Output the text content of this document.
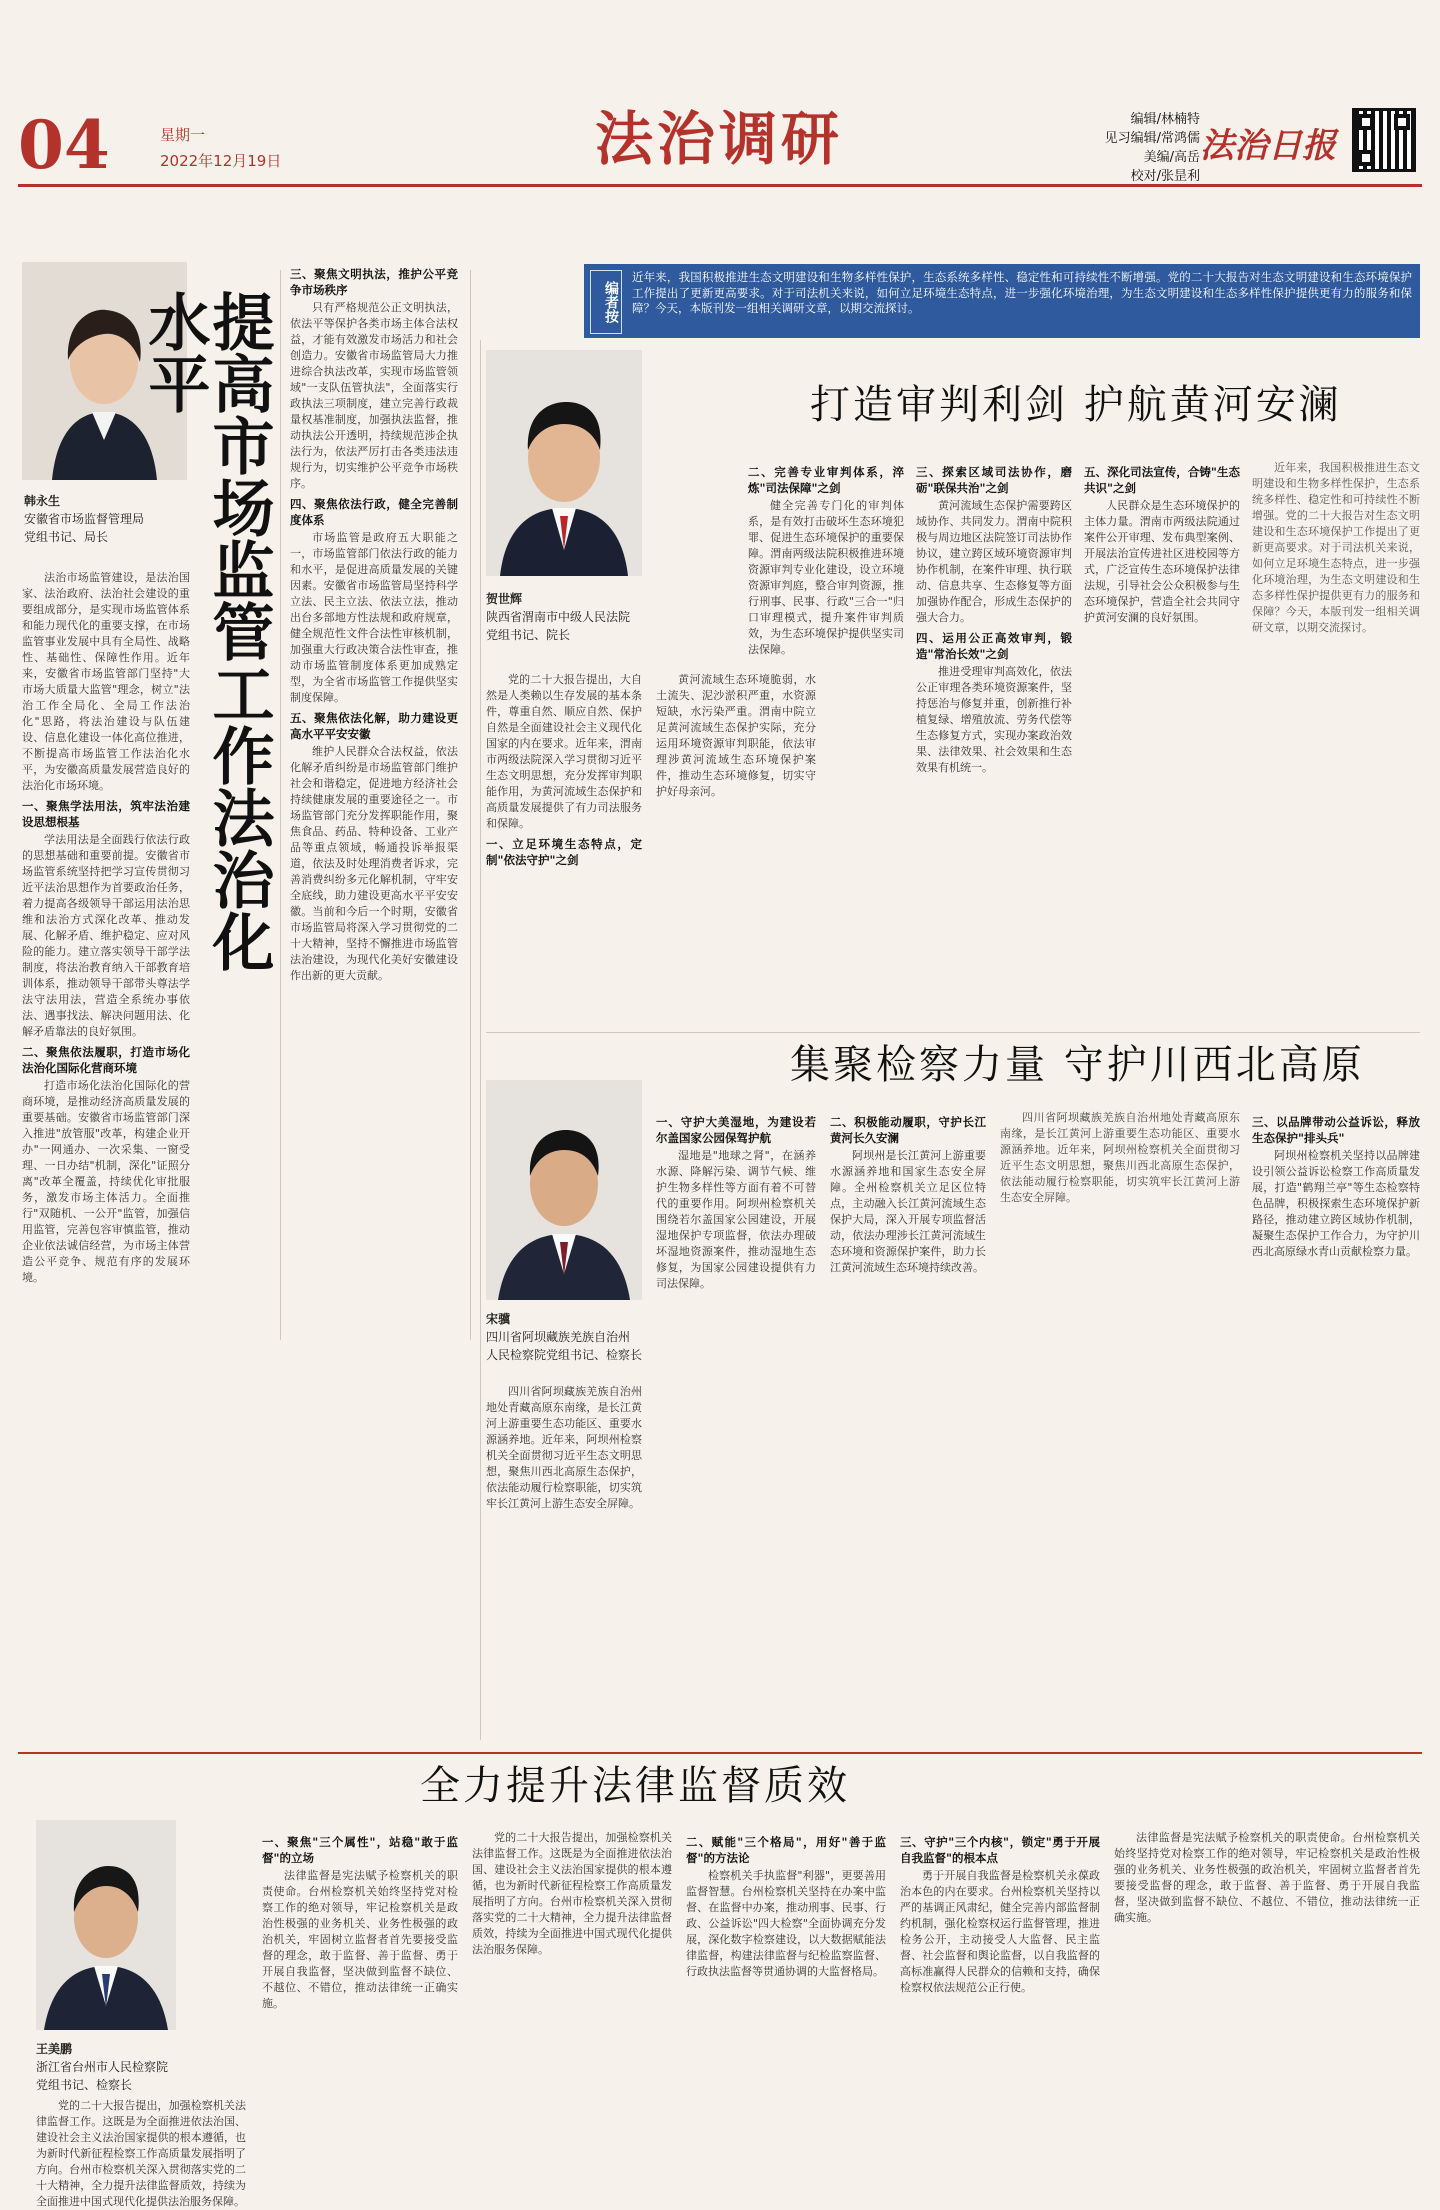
04	星期一
2022年12月19日	法治调研	编辑/林楠特
见习编辑/常鸿儒
美编/高岳
校对/张昰利
法治日报
韩永生
安徽省市场监督管理局
党组书记、局长	提高市场监管工作法治化水平

法治市场监管建设，是法治国家、法治政府、法治社会建设的重要组成部分，是实现市场监管体系和能力现代化的重要支撑，在市场监管事业发展中具有全局性、战略性、基础性、保障性作用。近年来，安徽省市场监管部门坚持"大市场大质量大监管"理念，树立"法治工作全局化、全局工作法治化"思路，将法治建设与队伍建设、信息化建设一体化高位推进，不断提高市场监管工作法治化水平，为安徽高质量发展营造良好的法治化市场环境。

一、聚焦学法用法，筑牢法治建设思想根基

学法用法是全面践行依法行政的思想基础和重要前提。安徽省市场监管系统坚持把学习宣传贯彻习近平法治思想作为首要政治任务，着力提高各级领导干部运用法治思维和法治方式深化改革、推动发展、化解矛盾、维护稳定、应对风险的能力。建立落实领导干部学法制度，将法治教育纳入干部教育培训体系，推动领导干部带头尊法学法守法用法，营造全系统办事依法、遇事找法、解决问题用法、化解矛盾靠法的良好氛围。

二、聚焦依法履职，打造市场化法治化国际化营商环境

打造市场化法治化国际化的营商环境，是推动经济高质量发展的重要基础。安徽省市场监管部门深入推进"放管服"改革，构建企业开办"一网通办、一次采集、一窗受理、一日办结"机制，深化"证照分离"改革全覆盖，持续优化审批服务，激发市场主体活力。全面推行"双随机、一公开"监管，加强信用监管，完善包容审慎监管，推动企业依法诚信经营，为市场主体营造公平竞争、规范有序的发展环境。

三、聚焦文明执法，推护公平竞争市场秩序

只有严格规范公正文明执法，依法平等保护各类市场主体合法权益，才能有效激发市场活力和社会创造力。安徽省市场监管局大力推进综合执法改革，实现市场监管领域"一支队伍管执法"，全面落实行政执法三项制度，建立完善行政裁量权基准制度，加强执法监督，推动执法公开透明，持续规范涉企执法行为，依法严厉打击各类违法违规行为，切实维护公平竞争市场秩序。

四、聚焦依法行政，健全完善制度体系

市场监管是政府五大职能之一，市场监管部门依法行政的能力和水平，是促进高质量发展的关键因素。安徽省市场监管局坚持科学立法、民主立法、依法立法，推动出台多部地方性法规和政府规章，健全规范性文件合法性审核机制，加强重大行政决策合法性审查，推动市场监管制度体系更加成熟定型，为全省市场监管工作提供坚实制度保障。

五、聚焦依法化解，助力建设更高水平平安安徽

维护人民群众合法权益，依法化解矛盾纠纷是市场监管部门维护社会和谐稳定，促进地方经济社会持续健康发展的重要途径之一。市场监管部门充分发挥职能作用，聚焦食品、药品、特种设备、工业产品等重点领域，畅通投诉举报渠道，依法及时处理消费者诉求，完善消费纠纷多元化解机制，守牢安全底线，助力建设更高水平平安安徽。当前和今后一个时期，安徽省市场监管局将深入学习贯彻党的二十大精神，坚持不懈推进市场监管法治建设，为现代化美好安徽建设作出新的更大贡献。

编者按
近年来，我国积极推进生态文明建设和生物多样性保护，生态系统多样性、稳定性和可持续性不断增强。党的二十大报告对生态文明建设和生态环境保护工作提出了更新更高要求。对于司法机关来说，如何立足环境生态特点，进一步强化环境治理，为生态文明建设和生态多样性保护提供更有力的服务和保障？今天，本版刊发一组相关调研文章，以期交流探讨。
贺世辉
陕西省渭南市中级人民法院
党组书记、院长
打造审判利剑 护航黄河安澜

党的二十大报告提出，大自然是人类赖以生存发展的基本条件，尊重自然、顺应自然、保护自然是全面建设社会主义现代化国家的内在要求。近年来，渭南市两级法院深入学习贯彻习近平生态文明思想，充分发挥审判职能作用，为黄河流域生态保护和高质量发展提供了有力司法服务和保障。

一、立足环境生态特点，定制"依法守护"之剑

黄河流域生态环境脆弱，水土流失、泥沙淤积严重，水资源短缺，水污染严重。渭南中院立足黄河流域生态保护实际，充分运用环境资源审判职能，依法审理涉黄河流域生态环境保护案件，推动生态环境修复，切实守护好母亲河。

二、完善专业审判体系，淬炼"司法保障"之剑

健全完善专门化的审判体系，是有效打击破坏生态环境犯罪、促进生态环境保护的重要保障。渭南两级法院积极推进环境资源审判专业化建设，设立环境资源审判庭，整合审判资源，推行刑事、民事、行政"三合一"归口审理模式，提升案件审判质效，为生态环境保护提供坚实司法保障。

三、探索区域司法协作，磨砺"联保共治"之剑

黄河流域生态保护需要跨区域协作、共同发力。渭南中院积极与周边地区法院签订司法协作协议，建立跨区域环境资源审判协作机制，在案件审理、执行联动、信息共享、生态修复等方面加强协作配合，形成生态保护的强大合力。

四、运用公正高效审判，锻造"常治长效"之剑

推进受理审判高效化，依法公正审理各类环境资源案件，坚持惩治与修复并重，创新推行补植复绿、增殖放流、劳务代偿等生态修复方式，实现办案政治效果、法律效果、社会效果和生态效果有机统一。

五、深化司法宣传，合铸"生态共识"之剑

人民群众是生态环境保护的主体力量。渭南市两级法院通过案件公开审理、发布典型案例、开展法治宣传进社区进校园等方式，广泛宣传生态环境保护法律法规，引导社会公众积极参与生态环境保护，营造全社会共同守护黄河安澜的良好氛围。

近年来，我国积极推进生态文明建设和生物多样性保护，生态系统多样性、稳定性和可持续性不断增强。党的二十大报告对生态文明建设和生态环境保护工作提出了更新更高要求。对于司法机关来说，如何立足环境生态特点，进一步强化环境治理，为生态文明建设和生态多样性保护提供更有力的服务和保障？今天，本版刊发一组相关调研文章，以期交流探讨。

集聚检察力量 守护川西北高原
宋骥
四川省阿坝藏族羌族自治州
人民检察院党组书记、检察长

四川省阿坝藏族羌族自治州地处青藏高原东南缘，是长江黄河上游重要生态功能区、重要水源涵养地。近年来，阿坝州检察机关全面贯彻习近平生态文明思想，聚焦川西北高原生态保护，依法能动履行检察职能，切实筑牢长江黄河上游生态安全屏障。

一、守护大美湿地，为建设若尔盖国家公园保驾护航

湿地是"地球之肾"，在涵养水源、降解污染、调节气候、维护生物多样性等方面有着不可替代的重要作用。阿坝州检察机关围绕若尔盖国家公园建设，开展湿地保护专项监督，依法办理破坏湿地资源案件，推动湿地生态修复，为国家公园建设提供有力司法保障。

二、积极能动履职，守护长江黄河长久安澜

阿坝州是长江黄河上游重要水源涵养地和国家生态安全屏障。全州检察机关立足区位特点，主动融入长江黄河流域生态保护大局，深入开展专项监督活动，依法办理涉长江黄河流域生态环境和资源保护案件，助力长江黄河流域生态环境持续改善。

四川省阿坝藏族羌族自治州地处青藏高原东南缘，是长江黄河上游重要生态功能区、重要水源涵养地。近年来，阿坝州检察机关全面贯彻习近平生态文明思想，聚焦川西北高原生态保护，依法能动履行检察职能，切实筑牢长江黄河上游生态安全屏障。

三、以品牌带动公益诉讼，释放生态保护"排头兵"

阿坝州检察机关坚持以品牌建设引领公益诉讼检察工作高质量发展，打造"鹤翔兰亭"等生态检察特色品牌，积极探索生态环境保护新路径，推动建立跨区域协作机制，凝聚生态保护工作合力，为守护川西北高原绿水青山贡献检察力量。

全力提升法律监督质效
王美鹏
浙江省台州市人民检察院
党组书记、检察长

党的二十大报告提出，加强检察机关法律监督工作。这既是为全面推进依法治国、建设社会主义法治国家提供的根本遵循，也为新时代新征程检察工作高质量发展指明了方向。台州市检察机关深入贯彻落实党的二十大精神，全力提升法律监督质效，持续为全面推进中国式现代化提供法治服务保障。

一、聚焦"三个属性"，站稳"敢于监督"的立场

法律监督是宪法赋予检察机关的职责使命。台州检察机关始终坚持党对检察工作的绝对领导，牢记检察机关是政治性极强的业务机关、业务性极强的政治机关，牢固树立监督者首先要接受监督的理念，敢于监督、善于监督、勇于开展自我监督，坚决做到监督不缺位、不越位、不错位，推动法律统一正确实施。

党的二十大报告提出，加强检察机关法律监督工作。这既是为全面推进依法治国、建设社会主义法治国家提供的根本遵循，也为新时代新征程检察工作高质量发展指明了方向。台州市检察机关深入贯彻落实党的二十大精神，全力提升法律监督质效，持续为全面推进中国式现代化提供法治服务保障。

二、赋能"三个格局"，用好"善于监督"的方法论

检察机关手执监督"利器"，更要善用监督智慧。台州检察机关坚持在办案中监督、在监督中办案，推动刑事、民事、行政、公益诉讼"四大检察"全面协调充分发展，深化数字检察建设，以大数据赋能法律监督，构建法律监督与纪检监察监督、行政执法监督等贯通协调的大监督格局。

三、守护"三个内核"，锁定"勇于开展自我监督"的根本点

勇于开展自我监督是检察机关永葆政治本色的内在要求。台州检察机关坚持以严的基调正风肃纪，健全完善内部监督制约机制，强化检察权运行监督管理，推进检务公开，主动接受人大监督、民主监督、社会监督和舆论监督，以自我监督的高标准赢得人民群众的信赖和支持，确保检察权依法规范公正行使。

法律监督是宪法赋予检察机关的职责使命。台州检察机关始终坚持党对检察工作的绝对领导，牢记检察机关是政治性极强的业务机关、业务性极强的政治机关，牢固树立监督者首先要接受监督的理念，敢于监督、善于监督、勇于开展自我监督，坚决做到监督不缺位、不越位、不错位，推动法律统一正确实施。
